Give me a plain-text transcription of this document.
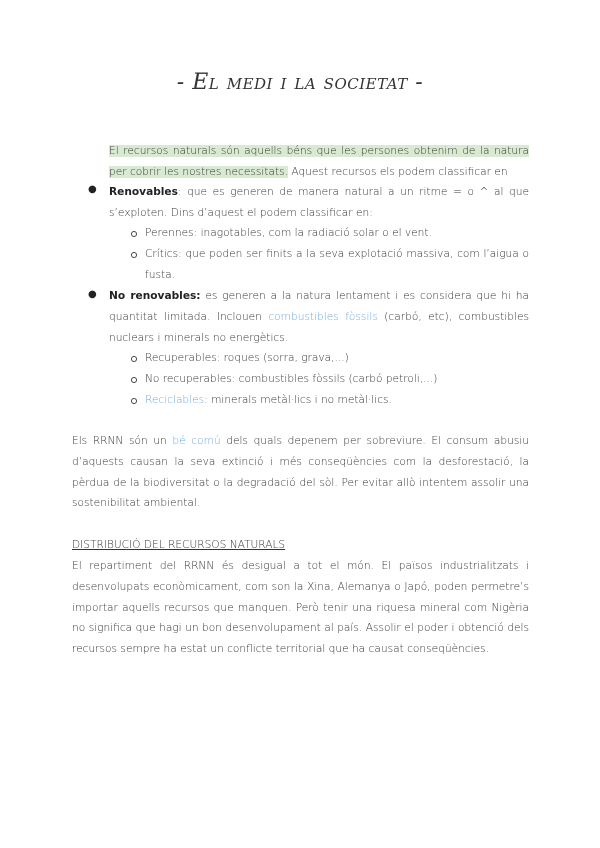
- El medi i la societat -
El recursos naturals són aquells béns que les persones obtenim de la natura per cobrir les nostres necessitats. Aquest recursos els podem classificar en
● Renovables: que es generen de manera natural a un ritme = o ^ al que s’exploten. Dins d’aquest el podem classificar en:
Perennes: inagotables, com la radiació solar o el vent.
Crítics: que poden ser finits a la seva explotació massiva, com l’aigua o fusta.
● No renovables: es generen a la natura lentament i es considera que hi ha quantitat limitada. Inclouen combustibles fòssils (carbó, etc), combustibles nuclears i minerals no energètics.
Recuperables: roques (sorra, grava,...)
No recuperables: combustibles fòssils (carbó petroli,...)
Reciclables: minerals metàl·lics i no metàl·lics.
Els RRNN són un bé comú dels quals depenem per sobreviure. El consum abusiu d’aquests causan la seva extinció i més conseqüències com la desforestació, la pèrdua de la biodiversitat o la degradació del sòl. Per evitar allò intentem assolir una sostenibilitat ambiental.
DISTRIBUCIÓ DEL RECURSOS NATURALS
El repartiment del RRNN és desigual a tot el món. El països industrialitzats i desenvolupats econòmicament, com son la Xina, Alemanya o Japó, poden permetre’s importar aquells recursos que manquen. Però tenir una riquesa mineral com Nigèria no significa que hagi un bon desenvolupament al país. Assolir el poder i obtenció dels recursos sempre ha estat un conflicte territorial que ha causat conseqüències.
